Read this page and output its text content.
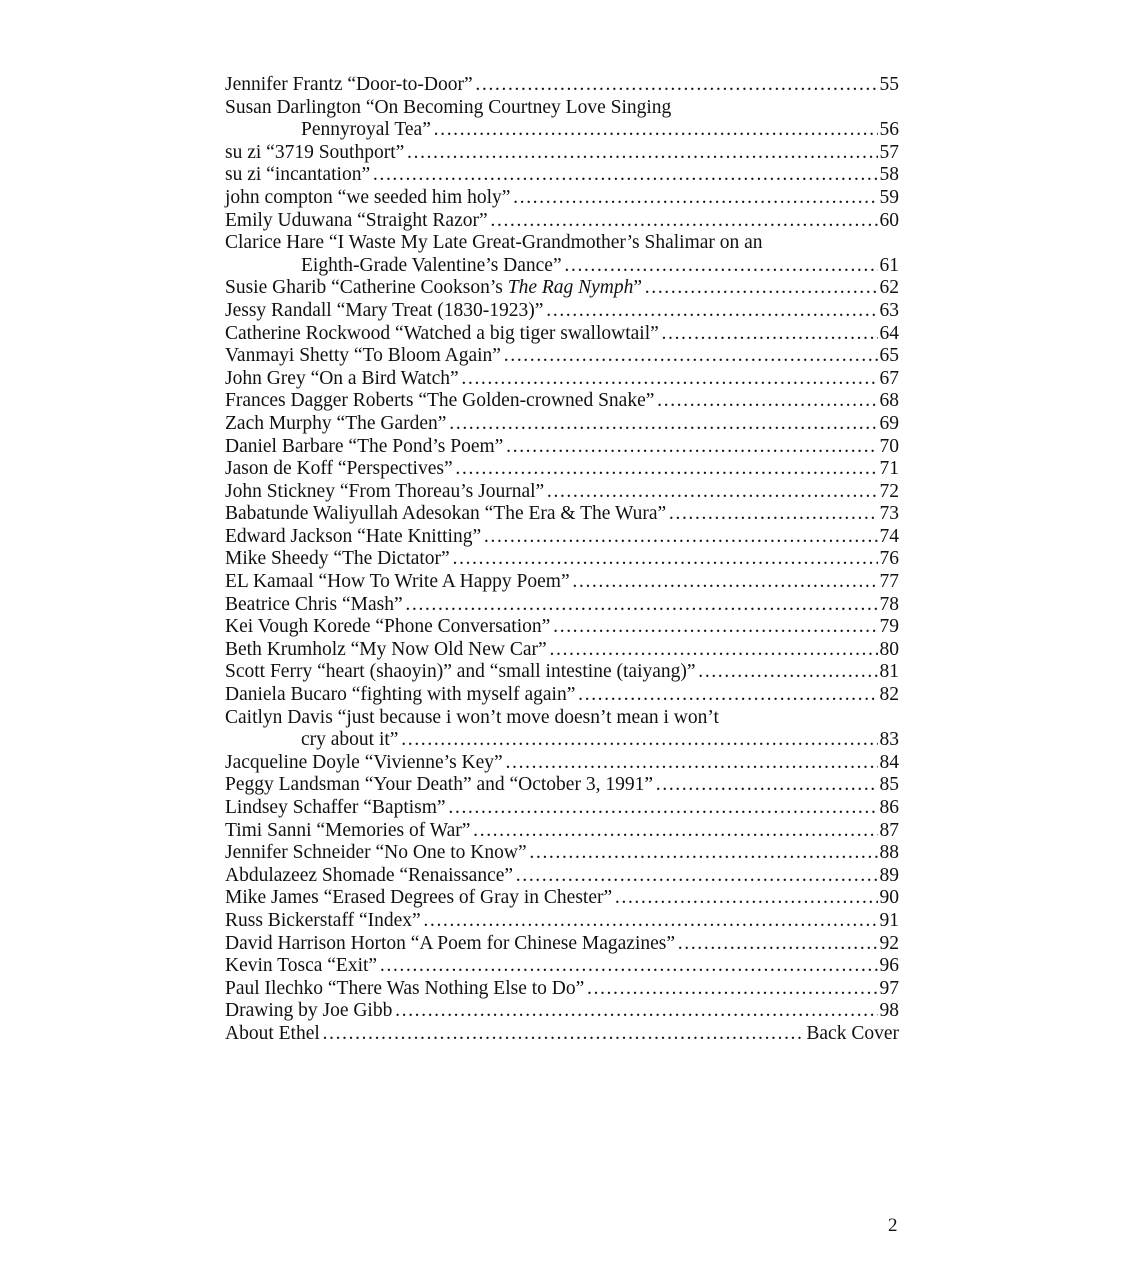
Jennifer Frantz “Door-to-Door” ……………………………………………………………………………………………………………………………………………………………………………………………………	55
Susan Darlington “On Becoming Courtney Love Singing
Pennyroyal Tea” ……………………………………………………………………………………………………………………………………………………………………………………………………	56
su zi “3719 Southport” ……………………………………………………………………………………………………………………………………………………………………………………………………	57
su zi “incantation” ……………………………………………………………………………………………………………………………………………………………………………………………………	58
john compton “we seeded him holy” ……………………………………………………………………………………………………………………………………………………………………………………………………	59
Emily Uduwana “Straight Razor” ……………………………………………………………………………………………………………………………………………………………………………………………………	60
Clarice Hare “I Waste My Late Great-Grandmother’s Shalimar on an
Eighth-Grade Valentine’s Dance” ……………………………………………………………………………………………………………………………………………………………………………………………………	61
Susie Gharib “Catherine Cookson’s The Rag Nymph” ……………………………………………………………………………………………………………………………………………………………………………………………………	62
Jessy Randall “Mary Treat (1830-1923)” ……………………………………………………………………………………………………………………………………………………………………………………………………	63
Catherine Rockwood “Watched a big tiger swallowtail” ……………………………………………………………………………………………………………………………………………………………………………………………………	64
Vanmayi Shetty “To Bloom Again” ……………………………………………………………………………………………………………………………………………………………………………………………………	65
John Grey “On a Bird Watch” ……………………………………………………………………………………………………………………………………………………………………………………………………	67
Frances Dagger Roberts “The Golden-crowned Snake” ……………………………………………………………………………………………………………………………………………………………………………………………………	68
Zach Murphy “The Garden” ……………………………………………………………………………………………………………………………………………………………………………………………………	69
Daniel Barbare “The Pond’s Poem” ……………………………………………………………………………………………………………………………………………………………………………………………………	70
Jason de Koff “Perspectives” ……………………………………………………………………………………………………………………………………………………………………………………………………	71
John Stickney “From Thoreau’s Journal” ……………………………………………………………………………………………………………………………………………………………………………………………………	72
Babatunde Waliyullah Adesokan “The Era & The Wura” ……………………………………………………………………………………………………………………………………………………………………………………………………	73
Edward Jackson “Hate Knitting” ……………………………………………………………………………………………………………………………………………………………………………………………………	74
Mike Sheedy “The Dictator” ……………………………………………………………………………………………………………………………………………………………………………………………………	76
EL Kamaal “How To Write A Happy Poem” ……………………………………………………………………………………………………………………………………………………………………………………………………	77
Beatrice Chris “Mash” ……………………………………………………………………………………………………………………………………………………………………………………………………	78
Kei Vough Korede “Phone Conversation” ……………………………………………………………………………………………………………………………………………………………………………………………………	79
Beth Krumholz “My Now Old New Car” ……………………………………………………………………………………………………………………………………………………………………………………………………	80
Scott Ferry “heart (shaoyin)” and “small intestine (taiyang)” ……………………………………………………………………………………………………………………………………………………………………………………………………	81
Daniela Bucaro “fighting with myself again” ……………………………………………………………………………………………………………………………………………………………………………………………………	82
Caitlyn Davis “just because i won’t move doesn’t mean i won’t
cry about it” ……………………………………………………………………………………………………………………………………………………………………………………………………	83
Jacqueline Doyle “Vivienne’s Key” ……………………………………………………………………………………………………………………………………………………………………………………………………	84
Peggy Landsman “Your Death” and “October 3, 1991” ……………………………………………………………………………………………………………………………………………………………………………………………………	85
Lindsey Schaffer “Baptism” ……………………………………………………………………………………………………………………………………………………………………………………………………	86
Timi Sanni “Memories of War” ……………………………………………………………………………………………………………………………………………………………………………………………………	87
Jennifer Schneider “No One to Know” ……………………………………………………………………………………………………………………………………………………………………………………………………	88
Abdulazeez Shomade “Renaissance” ……………………………………………………………………………………………………………………………………………………………………………………………………	89
Mike James “Erased Degrees of Gray in Chester” ……………………………………………………………………………………………………………………………………………………………………………………………………	90
Russ Bickerstaff “Index” ……………………………………………………………………………………………………………………………………………………………………………………………………	91
David Harrison Horton “A Poem for Chinese Magazines” ……………………………………………………………………………………………………………………………………………………………………………………………………	92
Kevin Tosca “Exit” ……………………………………………………………………………………………………………………………………………………………………………………………………	96
Paul Ilechko “There Was Nothing Else to Do” ……………………………………………………………………………………………………………………………………………………………………………………………………	97
Drawing by Joe Gibb ……………………………………………………………………………………………………………………………………………………………………………………………………	98
About Ethel ……………………………………………………………………………………………………………………………………………………………………………………………………	Back Cover
2
